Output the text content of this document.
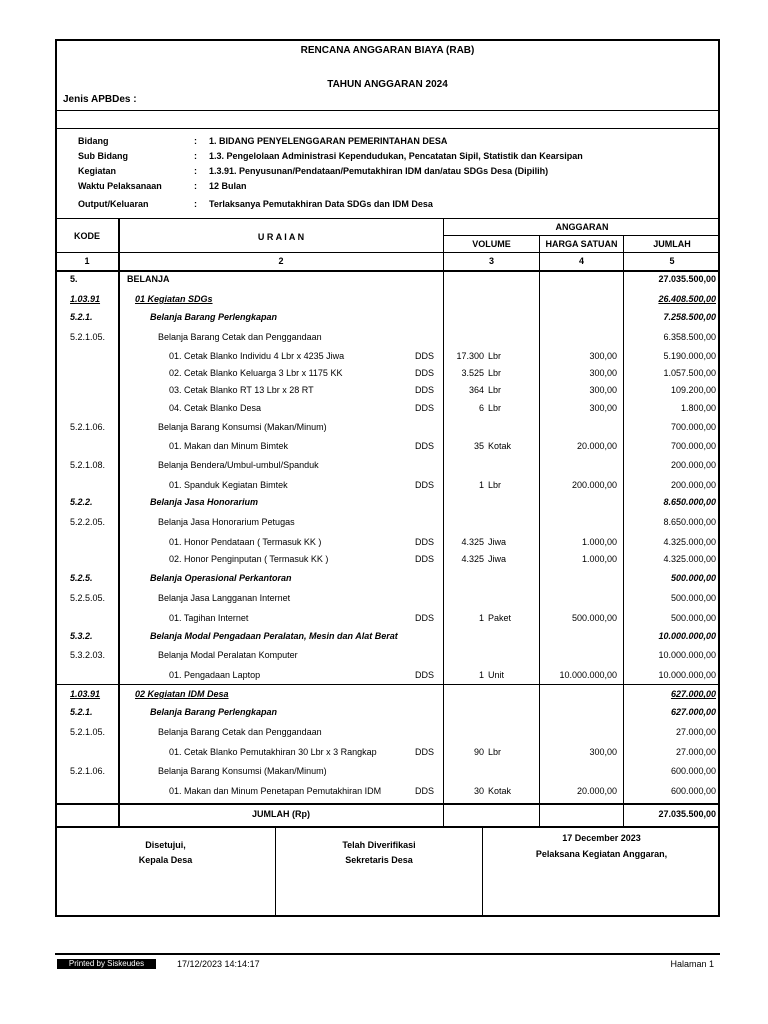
RENCANA ANGGARAN BIAYA (RAB)
TAHUN ANGGARAN 2024
Jenis APBDes :
Bidang	: 1. BIDANG PENYELENGGARAN PEMERINTAHAN DESA
Sub Bidang	: 1.3. Pengelolaan Administrasi Kependudukan, Pencatatan Sipil, Statistik dan Kearsipan
Kegiatan	: 1.3.91. Penyusunan/Pendataan/Pemutakhiran IDM dan/atau SDGs Desa (Dipilih)
Waktu Pelaksanaan	: 12 Bulan
Output/Keluaran	: Terlaksanya Pemutakhiran Data SDGs dan IDM Desa
KODE	U R A I A N
ANGGARAN
VOLUME	HARGA SATUAN	JUMLAH
1	2	3	4	5
5.	BELANJA	27.035.500,00
1.03.91	01 Kegiatan SDGs	26.408.500,00
5.2.1.	Belanja Barang Perlengkapan	7.258.500,00
5.2.1.05.	Belanja Barang Cetak dan Penggandaan	6.358.500,00
01. Cetak Blanko Individu 4 Lbr x 4235 Jiwa	DDS	17.300 Lbr	300,00	5.190.000,00
02. Cetak Blanko Keluarga 3 Lbr x 1175 KK	DDS	3.525 Lbr	300,00	1.057.500,00
03. Cetak Blanko RT 13 Lbr x 28 RT	DDS	364 Lbr	300,00	109.200,00
04. Cetak Blanko Desa	DDS	6 Lbr	300,00	1.800,00
5.2.1.06.	Belanja Barang Konsumsi (Makan/Minum)	700.000,00
01. Makan dan Minum Bimtek	DDS	35 Kotak	20.000,00	700.000,00
5.2.1.08.	Belanja Bendera/Umbul-umbul/Spanduk	200.000,00
01. Spanduk Kegiatan Bimtek	DDS	1 Lbr	200.000,00	200.000,00
5.2.2.	Belanja Jasa Honorarium	8.650.000,00
5.2.2.05.	Belanja Jasa Honorarium Petugas	8.650.000,00
01. Honor Pendataan ( Termasuk KK )	DDS	4.325 Jiwa	1.000,00	4.325.000,00
02. Honor Penginputan ( Termasuk KK )	DDS	4.325 Jiwa	1.000,00	4.325.000,00
5.2.5.	Belanja Operasional Perkantoran	500.000,00
5.2.5.05.	Belanja Jasa Langganan Internet	500.000,00
01. Tagihan Internet	DDS	1 Paket	500.000,00	500.000,00
5.3.2.	Belanja Modal Pengadaan Peralatan, Mesin dan Alat Berat	10.000.000,00
5.3.2.03.	Belanja Modal Peralatan Komputer	10.000.000,00
01. Pengadaan Laptop	DDS	1 Unit	10.000.000,00	10.000.000,00
1.03.91	02 Kegiatan IDM Desa	627.000,00
5.2.1.	Belanja Barang Perlengkapan	627.000,00
5.2.1.05.	Belanja Barang Cetak dan Penggandaan	27.000,00
01. Cetak Blanko Pemutakhiran 30 Lbr x 3 Rangkap	DDS	90 Lbr	300,00	27.000,00
5.2.1.06.	Belanja Barang Konsumsi (Makan/Minum)	600.000,00
01. Makan dan Minum Penetapan Pemutakhiran IDM	DDS	30 Kotak	20.000,00	600.000,00
JUMLAH (Rp)	27.035.500,00
Disetujui,
Kepala Desa
Telah Diverifikasi
Sekretaris Desa
17 December 2023
Pelaksana Kegiatan Anggaran,
Printed by Siskeudes	17/12/2023 14:14:17	Halaman 1
